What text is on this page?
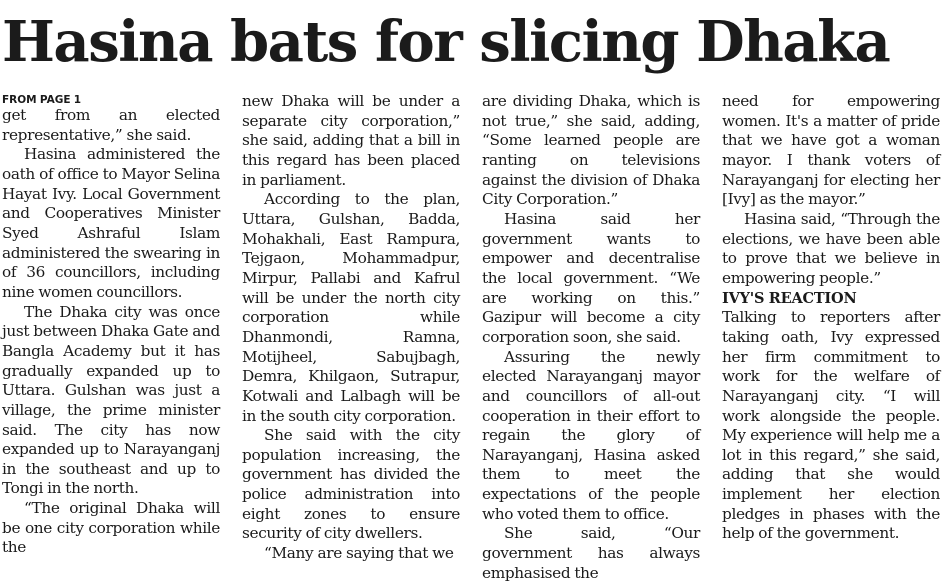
Hasina bats for slicing Dhaka
FROM PAGE 1

get from an elected representative,” she said.

Hasina administered the oath of office to Mayor Selina Hayat Ivy. Local Government and Cooperatives Minister Syed Ashraful Islam administered the swearing in of 36 councillors, including nine women councillors.

The Dhaka city was once just between Dhaka Gate and Bangla Academy but it has gradually expanded up to Uttara. Gulshan was just a village, the prime minister said. The city has now expanded up to Narayanganj in the southeast and up to Tongi in the north.

“The original Dhaka will be one city corporation while the

new Dhaka will be under a separate city corporation,” she said, adding that a bill in this regard has been placed in parliament.

According to the plan, Uttara, Gulshan, Badda, Mohakhali, East Rampura, Tejgaon, Mohammadpur, Mirpur, Pallabi and Kafrul will be under the north city corporation while Dhanmondi, Ramna, Motijheel, Sabujbagh, Demra, Khilgaon, Sutrapur, Kotwali and Lalbagh will be in the south city corporation.

She said with the city population increasing, the government has divided the police administration into eight zones to ensure security of city dwellers.

“Many are saying that we

are dividing Dhaka, which is not true,” she said, adding, “Some learned people are ranting on televisions against the division of Dhaka City Corporation.”

Hasina said her government wants to empower and decentralise the local government. “We are working on this.” Gazipur will become a city corporation soon, she said.

Assuring the newly elected Narayanganj mayor and councillors of all-out cooperation in their effort to regain the glory of Narayanganj, Hasina asked them to meet the expectations of the people who voted them to office.

She said, “Our government has always emphasised the

need for empowering women. It's a matter of pride that we have got a woman mayor. I thank voters of Narayanganj for electing her [Ivy] as the mayor.”

Hasina said, “Through the elections, we have been able to prove that we believe in empowering people.”

IVY'S REACTION

Talking to reporters after taking oath, Ivy expressed her firm commitment to work for the welfare of Narayanganj city. “I will work alongside the people. My experience will help me a lot in this regard,” she said, adding that she would implement her election pledges in phases with the help of the government.
